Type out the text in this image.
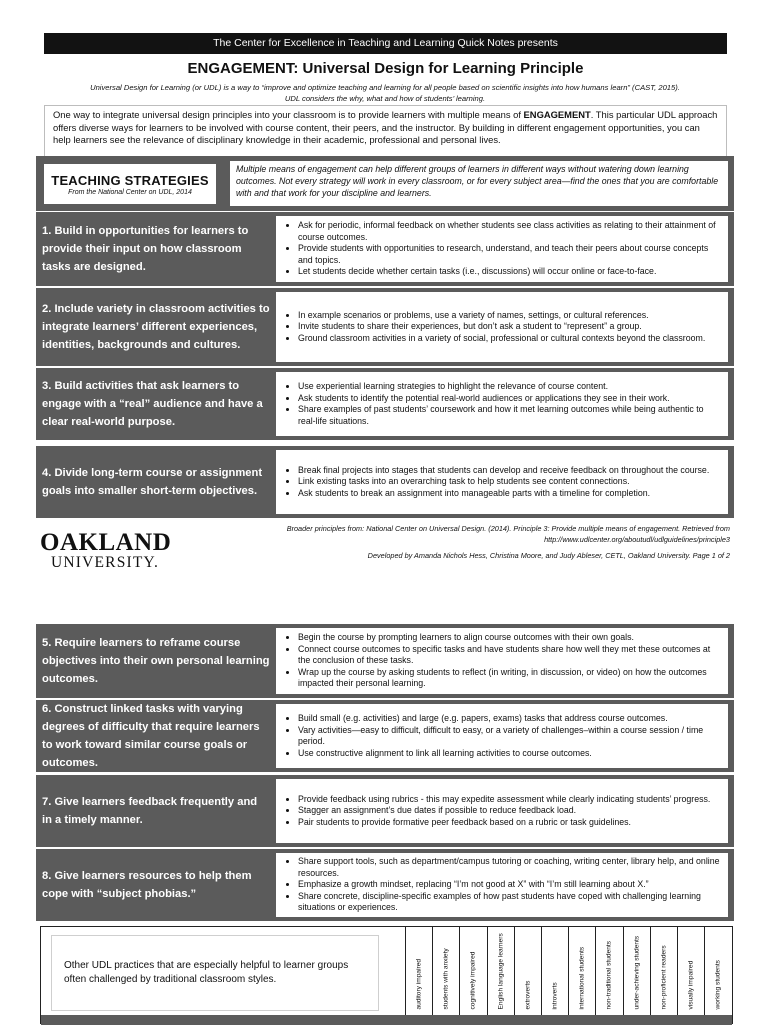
The Center for Excellence in Teaching and Learning Quick Notes presents
ENGAGEMENT: Universal Design for Learning Principle
Universal Design for Learning (or UDL) is a way to “improve and optimize teaching and learning for all people based on scientific insights into how humans learn” (CAST, 2015).
UDL considers the why, what and how of students’ learning.
One way to integrate universal design principles into your classroom is to provide learners with multiple means of ENGAGEMENT. This particular UDL approach offers diverse ways for learners to be involved with course content, their peers, and the instructor. By building in different engagement opportunities, you can help learners see the relevance of disciplinary knowledge in their academic, professional and personal lives.
TEACHING STRATEGIES
From the National Center on UDL, 2014
Multiple means of engagement can help different groups of learners in different ways without watering down learning outcomes. Not every strategy will work in every classroom, or for every subject area—find the ones that you are comfortable with and that work for your discipline and learners.
1. Build in opportunities for learners to provide their input on how classroom tasks are designed.
• Ask for periodic, informal feedback on whether students see class activities as relating to their attainment of course outcomes.
• Provide students with opportunities to research, understand, and teach their peers about course concepts and topics.
• Let students decide whether certain tasks (i.e., discussions) will occur online or face-to-face.
2. Include variety in classroom activities to integrate learners’ different experiences, identities, backgrounds and cultures.
• In example scenarios or problems, use a variety of names, settings, or cultural references.
• Invite students to share their experiences, but don’t ask a student to “represent” a group.
• Ground classroom activities in a variety of social, professional or cultural contexts beyond the classroom.
3. Build activities that ask learners to engage with a “real” audience and have a clear real-world purpose.
• Use experiential learning strategies to highlight the relevance of course content.
• Ask students to identify the potential real-world audiences or applications they see in their work.
• Share examples of past students’ coursework and how it met learning outcomes while being authentic to real-life situations.
4. Divide long-term course or assignment goals into smaller short-term objectives.
• Break final projects into stages that students can develop and receive feedback on throughout the course.
• Link existing tasks into an overarching task to help students see content connections.
• Ask students to break an assignment into manageable parts with a timeline for completion.
5. Require learners to reframe course objectives into their own personal learning outcomes.
• Begin the course by prompting learners to align course outcomes with their own goals.
• Connect course outcomes to specific tasks and have students share how well they met these outcomes at the conclusion of these tasks.
• Wrap up the course by asking students to reflect (in writing, in discussion, or video) on how the outcomes impacted their personal learning.
6. Construct linked tasks with varying degrees of difficulty that require learners to work toward similar course goals or outcomes.
• Build small (e.g. activities) and large (e.g. papers, exams) tasks that address course outcomes.
• Vary activities—easy to difficult, difficult to easy, or a variety of challenges–within a course session / time period.
• Use constructive alignment to link all learning activities to course outcomes.
7. Give learners feedback frequently and in a timely manner.
• Provide feedback using rubrics - this may expedite assessment while clearly indicating students’ progress.
• Stagger an assignment’s due dates if possible to reduce feedback load.
• Pair students to provide formative peer feedback based on a rubric or task guidelines.
8. Give learners resources to help them cope with “subject phobias.”
• Share support tools, such as department/campus tutoring or coaching, writing center, library help, and online resources.
• Emphasize a growth mindset, replacing “I’m not good at X” with “I’m still learning about X.”
• Share concrete, discipline-specific examples of how past students have coped with challenging learning situations or experiences.
OAKLAND
UNIVERSITY.
Broader principles from: National Center on Universal Design. (2014). Principle 3: Provide multiple means of engagement. Retrieved from
http://www.udlcenter.org/aboutudl/udlguidelines/principle3
Developed by Amanda Nichols Hess, Christina Moore, and Judy Ableser, CETL, Oakland University. Page 1 of 2
Other UDL practices that are especially helpful to learner groups often challenged by traditional classroom styles.	auditory impaired	students with anxiety	cognitively impaired	English language learners	extroverts	introverts	international students	non-traditional students	under-achieving students	non-proficient readers	visually impaired	working students
